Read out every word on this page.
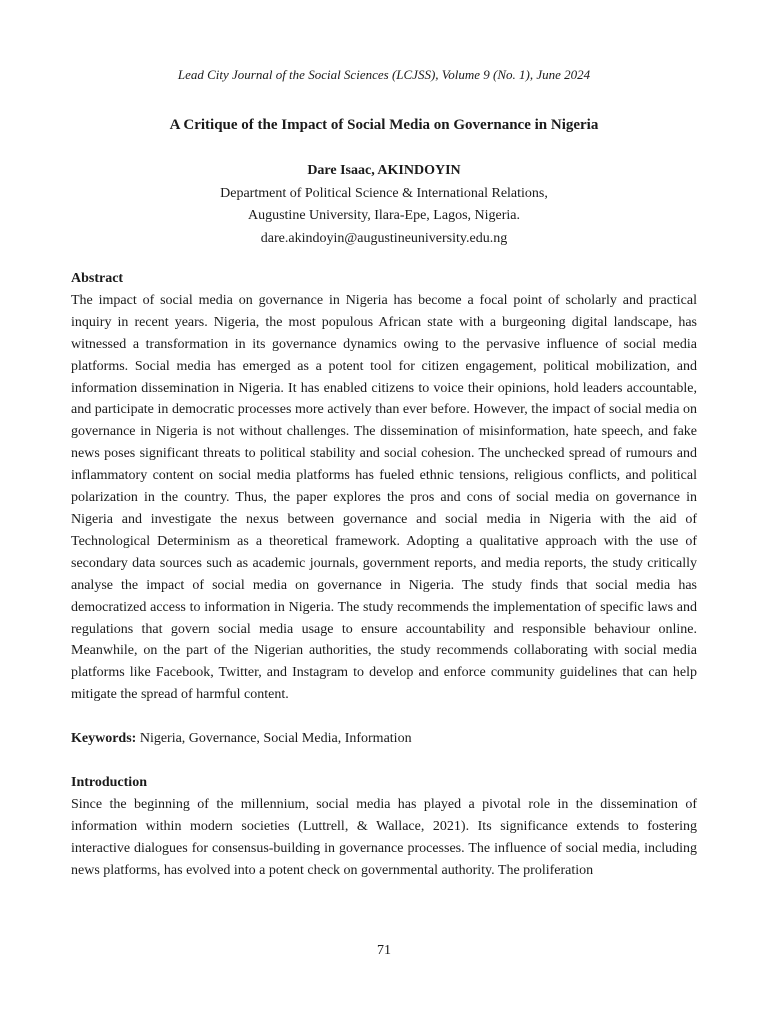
Lead City Journal of the Social Sciences (LCJSS), Volume 9 (No. 1), June 2024
A Critique of the Impact of Social Media on Governance in Nigeria
Dare Isaac, AKINDOYIN
Department of Political Science & International Relations,
Augustine University, Ilara-Epe, Lagos, Nigeria.
dare.akindoyin@augustineuniversity.edu.ng

Abstract

The impact of social media on governance in Nigeria has become a focal point of scholarly and practical inquiry in recent years. Nigeria, the most populous African state with a burgeoning digital landscape, has witnessed a transformation in its governance dynamics owing to the pervasive influence of social media platforms. Social media has emerged as a potent tool for citizen engagement, political mobilization, and information dissemination in Nigeria. It has enabled citizens to voice their opinions, hold leaders accountable, and participate in democratic processes more actively than ever before. However, the impact of social media on governance in Nigeria is not without challenges. The dissemination of misinformation, hate speech, and fake news poses significant threats to political stability and social cohesion. The unchecked spread of rumours and inflammatory content on social media platforms has fueled ethnic tensions, religious conflicts, and political polarization in the country. Thus, the paper explores the pros and cons of social media on governance in Nigeria and investigate the nexus between governance and social media in Nigeria with the aid of Technological Determinism as a theoretical framework. Adopting a qualitative approach with the use of secondary data sources such as academic journals, government reports, and media reports, the study critically analyse the impact of social media on governance in Nigeria. The study finds that social media has democratized access to information in Nigeria. The study recommends the implementation of specific laws and regulations that govern social media usage to ensure accountability and responsible behaviour online. Meanwhile, on the part of the Nigerian authorities, the study recommends collaborating with social media platforms like Facebook, Twitter, and Instagram to develop and enforce community guidelines that can help mitigate the spread of harmful content.

Keywords: Nigeria, Governance, Social Media, Information

Introduction

Since the beginning of the millennium, social media has played a pivotal role in the dissemination of information within modern societies (Luttrell, & Wallace, 2021). Its significance extends to fostering interactive dialogues for consensus-building in governance processes. The influence of social media, including news platforms, has evolved into a potent check on governmental authority. The proliferation

71
